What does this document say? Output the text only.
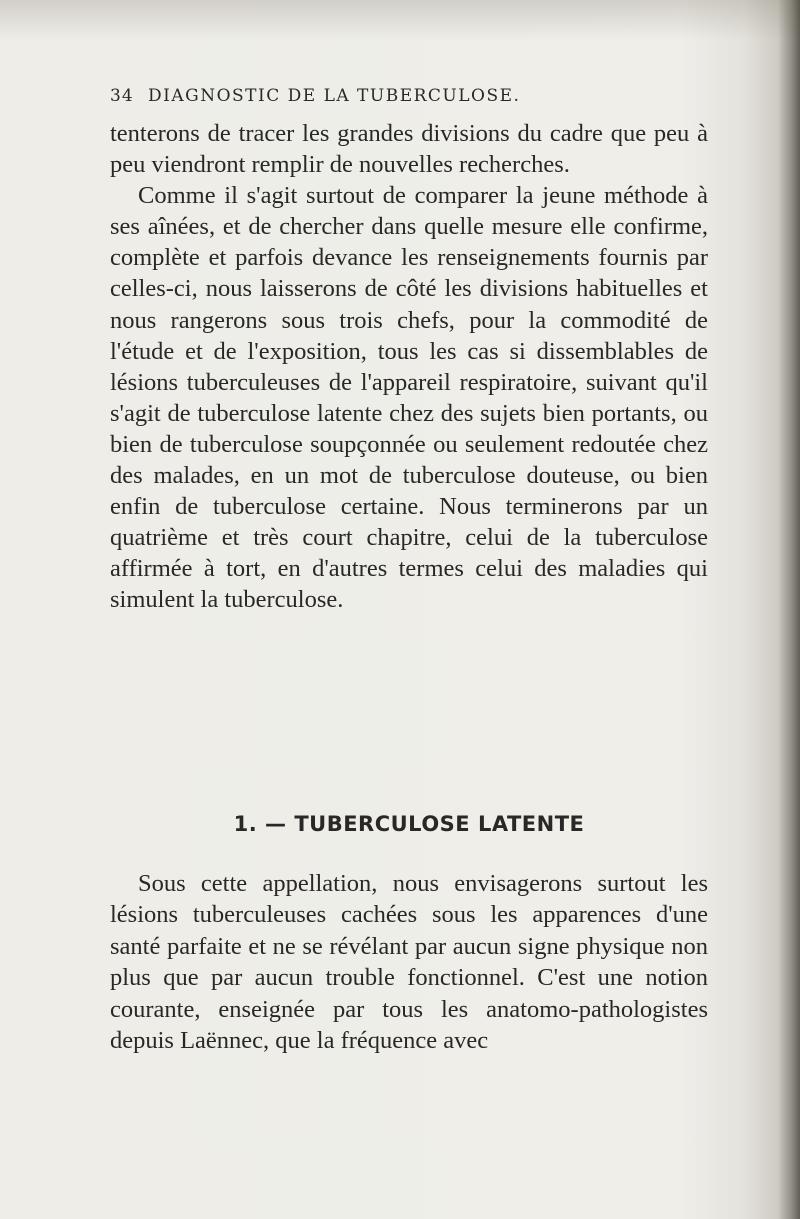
34 DIAGNOSTIC DE LA TUBERCULOSE.

tenterons de tracer les grandes divisions du cadre que peu à peu viendront remplir de nouvelles recherches.

Comme il s'agit surtout de comparer la jeune méthode à ses aînées, et de chercher dans quelle mesure elle confirme, complète et parfois devance les renseignements fournis par celles-ci, nous laisserons de côté les divisions habituelles et nous rangerons sous trois chefs, pour la commodité de l'étude et de l'exposition, tous les cas si dissemblables de lésions tuberculeuses de l'appareil respiratoire, suivant qu'il s'agit de tuberculose latente chez des sujets bien portants, ou bien de tuberculose soupçonnée ou seulement redoutée chez des malades, en un mot de tuberculose douteuse, ou bien enfin de tuberculose certaine. Nous terminerons par un quatrième et très court chapitre, celui de la tuberculose affirmée à tort, en d'autres termes celui des maladies qui simulent la tuberculose.

1. — TUBERCULOSE LATENTE

Sous cette appellation, nous envisagerons surtout les lésions tuberculeuses cachées sous les apparences d'une santé parfaite et ne se révélant par aucun signe physique non plus que par aucun trouble fonctionnel. C'est une notion courante, enseignée par tous les anatomo-pathologistes depuis Laënnec, que la fréquence avec
